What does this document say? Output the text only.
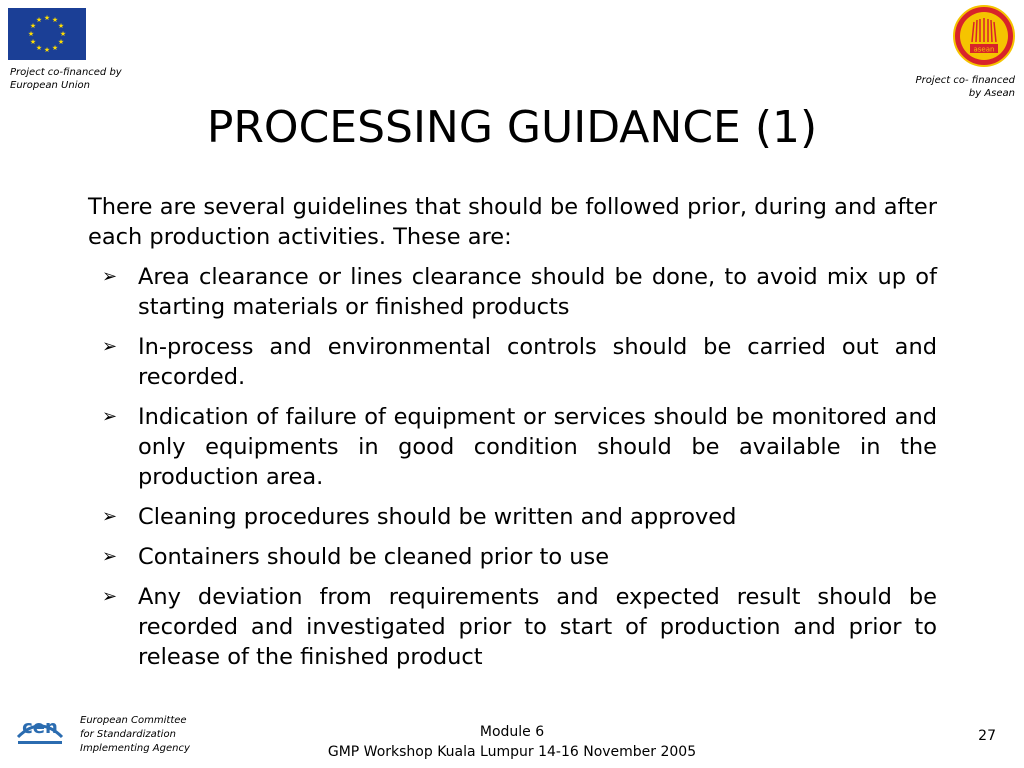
★ ★
★
★
★
★
★
★
★
★
★
★
Project co-financed by
European Union
asean
Project co- financed
by Asean
PROCESSING GUIDANCE (1)

There are several guidelines that should be followed prior, during and after each production activities. These are:

➢ Area clearance or lines clearance should be done, to avoid mix up of starting materials or finished products
➢ In-process and environmental controls should be carried out and recorded.
➢ Indication of failure of equipment or services should be monitored and only equipments in good condition should be available in the production area.
➢ Cleaning procedures should be written and approved
➢ Containers should be cleaned prior to use
➢ Any deviation from requirements and expected result should be recorded and investigated prior to start of production and prior to release of the finished product
cen European Committee
for Standardization
Implementing Agency
Module 6
GMP Workshop Kuala Lumpur 14-16 November 2005
27
